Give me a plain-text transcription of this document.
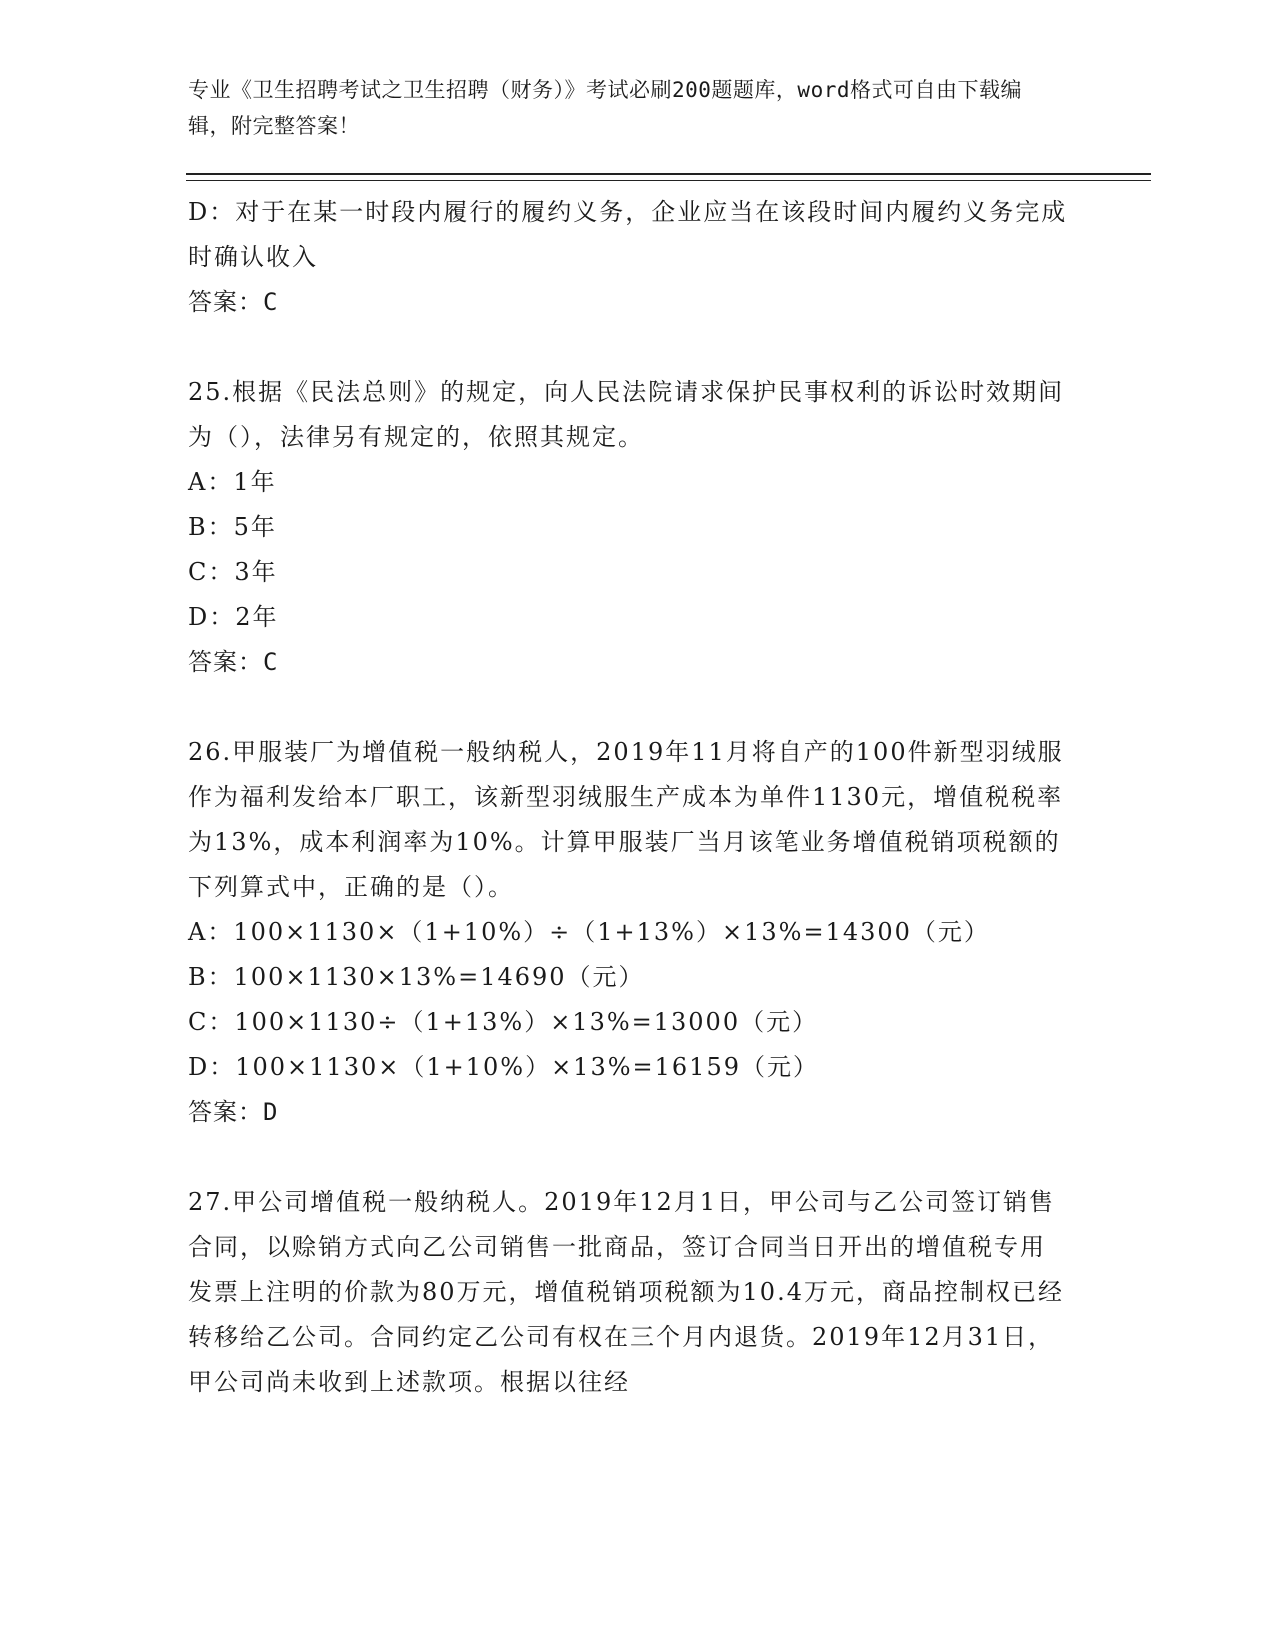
专业《卫生招聘考试之卫生招聘（财务）》考试必刷200题题库，word格式可自由下载编辑，附完整答案！

D：对于在某一时段内履行的履约义务，企业应当在该段时间内履约义务完成时确认收入

答案：C

25.根据《民法总则》的规定，向人民法院请求保护民事权利的诉讼时效期间为（），法律另有规定的，依照其规定。

A：1年

B：5年

C：3年

D：2年

答案：C

26.甲服装厂为增值税一般纳税人，2019年11月将自产的100件新型羽绒服作为福利发给本厂职工，该新型羽绒服生产成本为单件1130元，增值税税率为13%，成本利润率为10%。计算甲服装厂当月该笔业务增值税销项税额的下列算式中，正确的是（）。

A：100×1130×（1+10%）÷（1+13%）×13%=14300（元）

B：100×1130×13%=14690（元）

C：100×1130÷（1+13%）×13%=13000（元）

D：100×1130×（1+10%）×13%=16159（元）

答案：D

27.甲公司增值税一般纳税人。2019年12月1日，甲公司与乙公司签订销售合同，以赊销方式向乙公司销售一批商品，签订合同当日开出的增值税专用发票上注明的价款为80万元，增值税销项税额为10.4万元，商品控制权已经转移给乙公司。合同约定乙公司有权在三个月内退货。2019年12月31日，甲公司尚未收到上述款项。根据以往经
